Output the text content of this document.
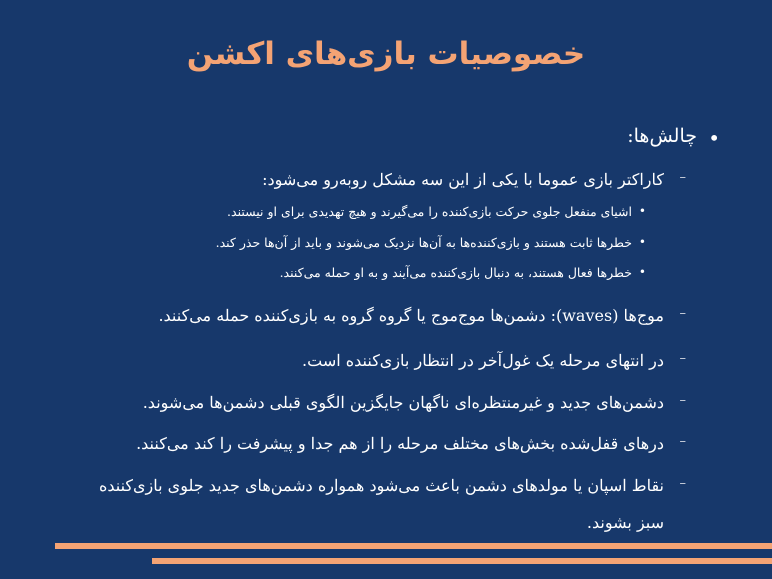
خصوصیات بازی‌های اکشن
•
چالش‌ها:
–
کاراکتر بازی عموما با یکی از این سه مشکل روبه‌رو می‌شود:
•
اشیای منفعل جلوی حرکت بازی‌کننده را می‌گیرند و هیچ تهدیدی برای او نیستند.
•
خطرها ثابت هستند و بازی‌کننده‌ها به آن‌ها نزدیک می‌شوند و باید از آن‌ها حذر کند.
•
خطرها فعال هستند، به دنبال بازی‌کننده می‌آیند و به او حمله می‌کنند.
–
موج‌ها (waves): دشمن‌ها موج‌موج یا گروه گروه به بازی‌کننده حمله می‌کنند.
–
در انتهای مرحله یک غول‌آخر در انتظار بازی‌کننده است.
–
دشمن‌های جدید و غیرمنتظره‌ای ناگهان جایگزین الگوی قبلی دشمن‌ها می‌شوند.
–
درهای قفل‌شده بخش‌های مختلف مرحله را از هم جدا و پیشرفت را کند می‌کنند.
–
نقاط اسپان یا مولدهای دشمن باعث می‌شود همواره دشمن‌های جدید جلوی بازی‌کننده
سبز بشوند.
